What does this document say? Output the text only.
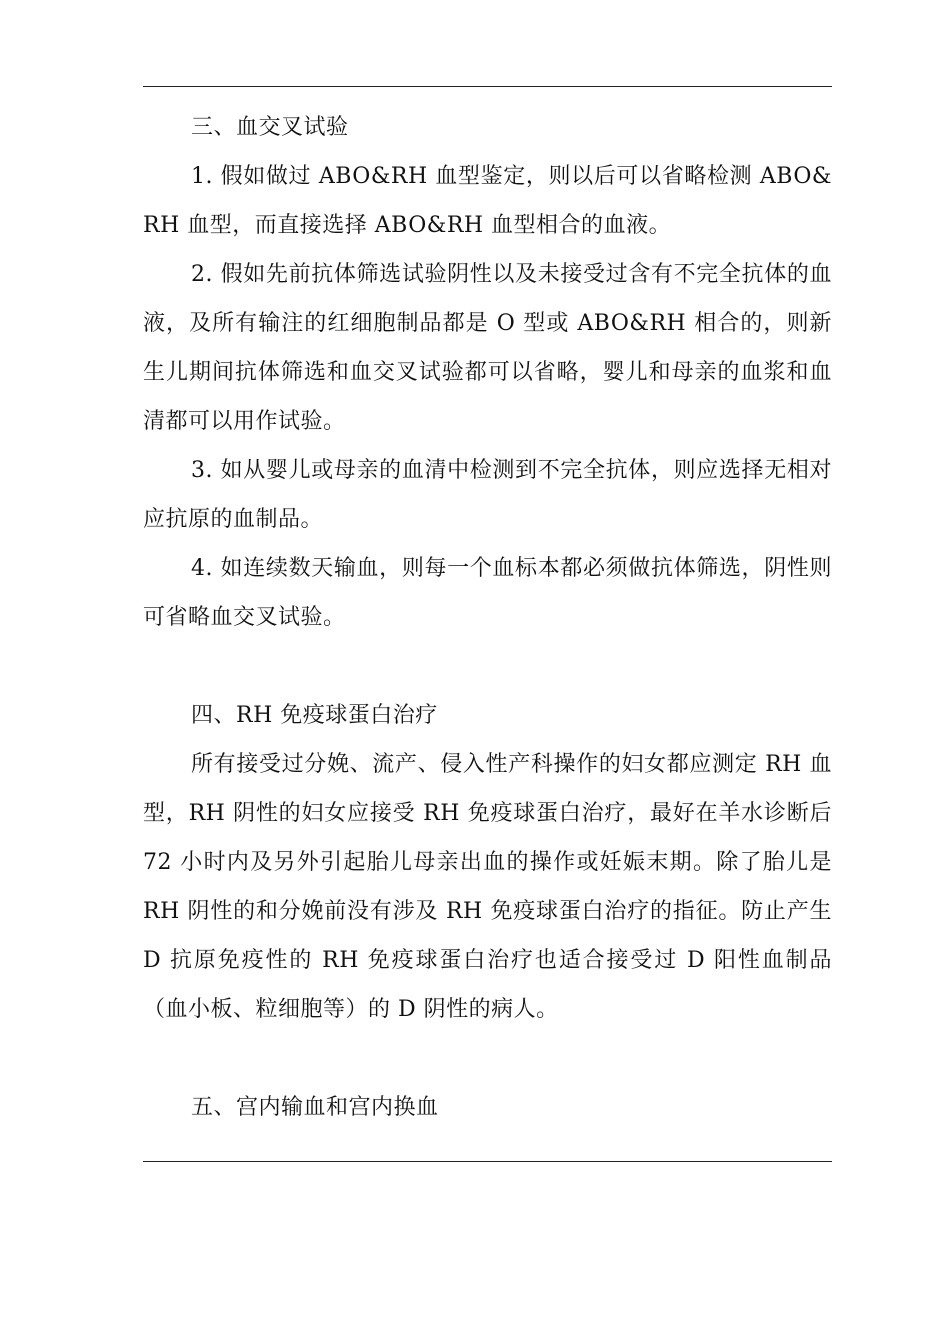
三、血交叉试验

1. 假如做过 ABO&RH 血型鉴定，则以后可以省略检测 ABO&RH 血型，而直接选择 ABO&RH 血型相合的血液。

2. 假如先前抗体筛选试验阴性以及未接受过含有不完全抗体的血液，及所有输注的红细胞制品都是 O 型或 ABO&RH 相合的，则新生儿期间抗体筛选和血交叉试验都可以省略，婴儿和母亲的血浆和血清都可以用作试验。

3. 如从婴儿或母亲的血清中检测到不完全抗体，则应选择无相对应抗原的血制品。

4. 如连续数天输血，则每一个血标本都必须做抗体筛选，阴性则可省略血交叉试验。

四、RH 免疫球蛋白治疗

所有接受过分娩、流产、侵入性产科操作的妇女都应测定 RH 血型，RH 阴性的妇女应接受 RH 免疫球蛋白治疗，最好在羊水诊断后 72 小时内及另外引起胎儿母亲出血的操作或妊娠末期。除了胎儿是 RH 阴性的和分娩前没有涉及 RH 免疫球蛋白治疗的指征。防止产生 D 抗原免疫性的 RH 免疫球蛋白治疗也适合接受过 D 阳性血制品（血小板、粒细胞等）的 D 阴性的病人。

五、宫内输血和宫内换血
